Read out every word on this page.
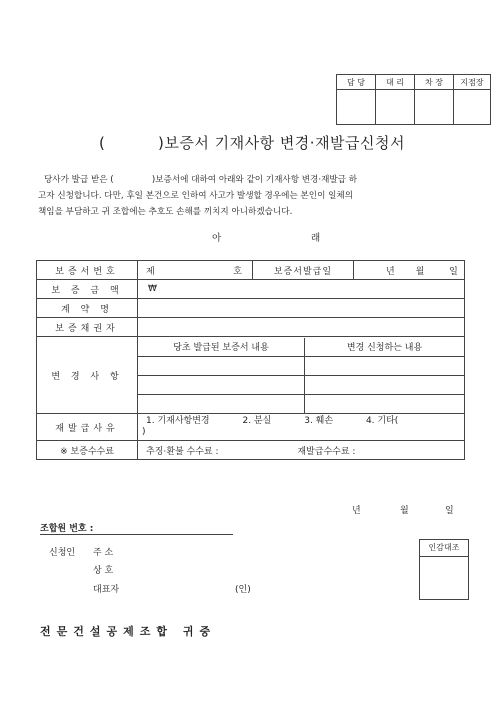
담 당	대 리	차 장	지점장

(          )보증서 기재사항 변경·재발급신청서
당사가 발급 받은 (              )보증서에 대하여 아래와 같이 기재사항 변경·재발급 하
고자 신청합니다. 다만, 후일 본건으로 인하여 사고가 발생할 경우에는 본인이 일체의
책임을 부담하고 귀 조합에는 추호도 손해를 끼치지 아니하겠습니다.
아	래
보증서번호	제	호	보증서발급일	년 월	일
보 증 금 액	₩
계 약 명	
보증채권자	
변 경 사 항	
당초 발급된 보증서 내용	변경 신청하는 내용

재발급사유	1. 기재사항변경	2. 분실	3. 훼손	4. 기타(
)
※ 보증수수료	추징·환불 수수료 :	재발급수수료 :
년	월	일
조합원 번호 :
신청인 주 소
상 호
대표자	(인)
인감대조
전문건설공제조합 귀중
